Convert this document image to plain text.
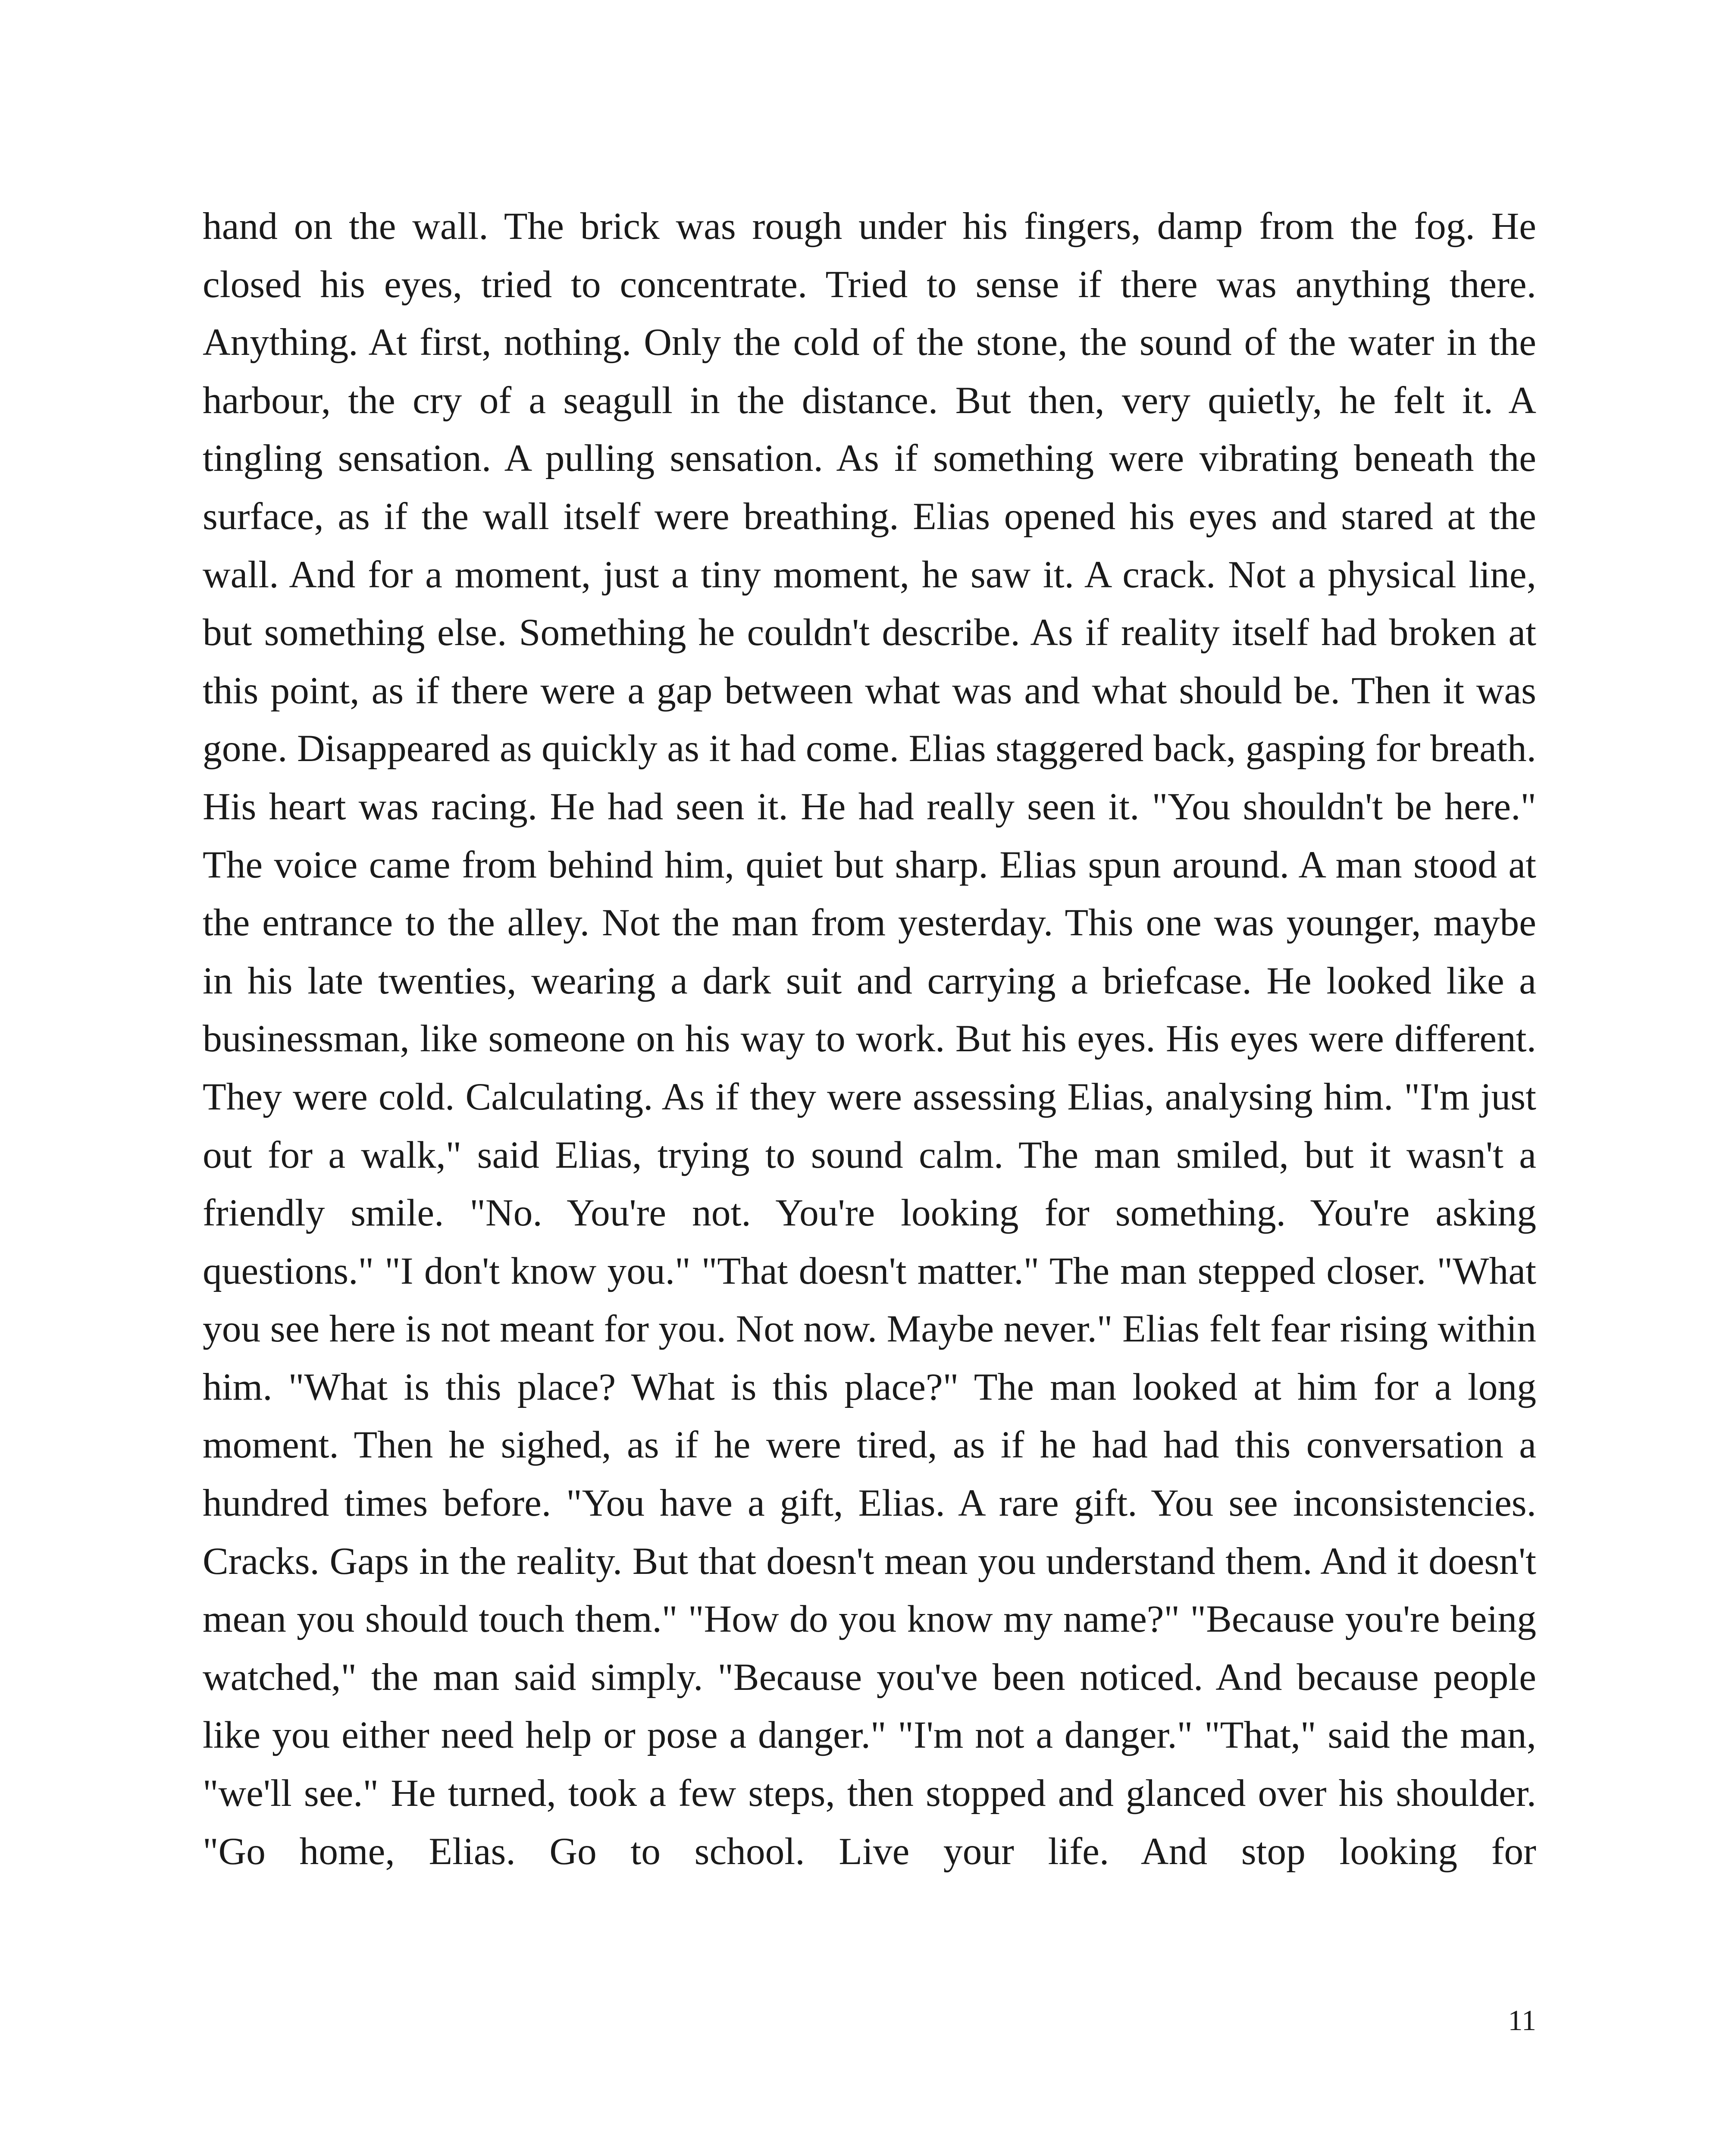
hand on the wall. The brick was rough under his fingers, damp from the fog. He closed his eyes, tried to concentrate. Tried to sense if there was anything there. Anything. At first, nothing. Only the cold of the stone, the sound of the water in the harbour, the cry of a seagull in the distance. But then, very quietly, he felt it. A tingling sensation. A pulling sensation. As if something were vibrating beneath the surface, as if the wall itself were breathing. Elias opened his eyes and stared at the wall. And for a moment, just a tiny moment, he saw it. A crack. Not a physical line, but something else. Something he couldn't describe. As if reality itself had broken at this point, as if there were a gap between what was and what should be. Then it was gone. Disappeared as quickly as it had come. Elias staggered back, gasping for breath. His heart was racing. He had seen it. He had really seen it. "You shouldn't be here." The voice came from behind him, quiet but sharp. Elias spun around. A man stood at the entrance to the alley. Not the man from yesterday. This one was younger, maybe in his late twenties, wearing a dark suit and carrying a briefcase. He looked like a businessman, like someone on his way to work. But his eyes. His eyes were different. They were cold. Calculating. As if they were assessing Elias, analysing him. "I'm just out for a walk," said Elias, trying to sound calm. The man smiled, but it wasn't a friendly smile. "No. You're not. You're looking for something. You're asking questions." "I don't know you." "That doesn't matter." The man stepped closer. "What you see here is not meant for you. Not now. Maybe never." Elias felt fear rising within him. "What is this place? What is this place?" The man looked at him for a long moment. Then he sighed, as if he were tired, as if he had had this conversation a hundred times before. "You have a gift, Elias. A rare gift. You see inconsistencies. Cracks. Gaps in the reality. But that doesn't mean you understand them. And it doesn't mean you should touch them." "How do you know my name?" "Because you're being watched," the man said simply. "Because you've been noticed. And because people like you either need help or pose a danger." "I'm not a danger." "That," said the man, "we'll see." He turned, took a few steps, then stopped and glanced over his shoulder. "Go home, Elias. Go to school. Live your life. And stop looking for

11
